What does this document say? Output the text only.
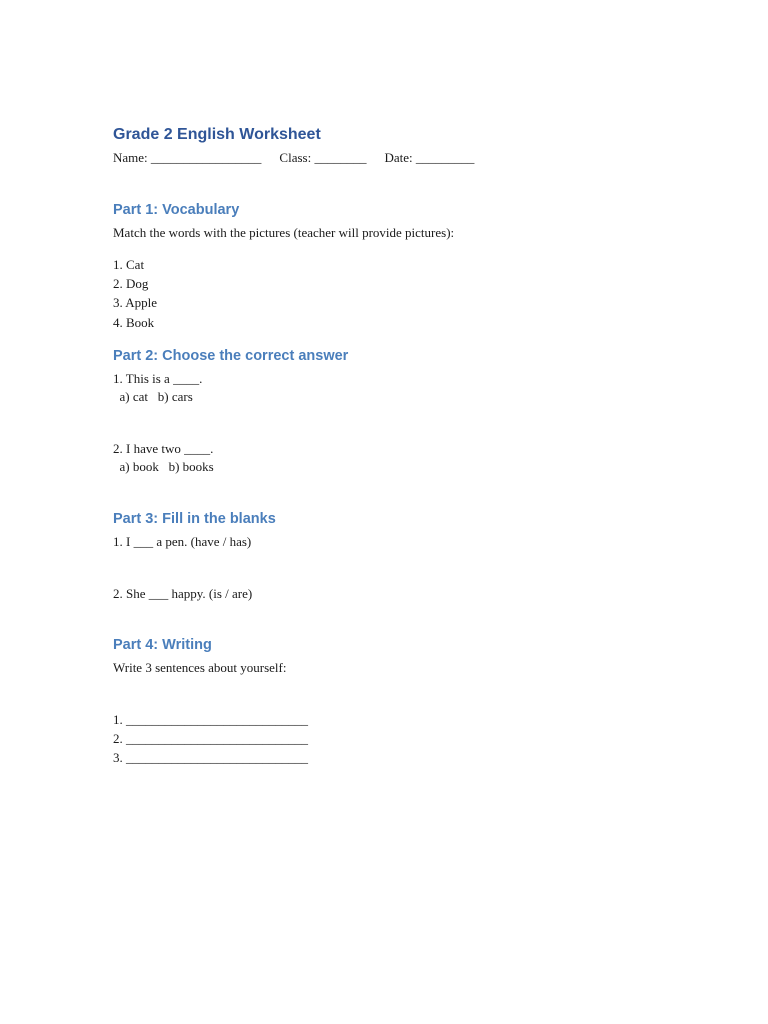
Grade 2 English Worksheet
Name: _________________ Class: ________ Date: _________
Part 1: Vocabulary
Match the words with the pictures (teacher will provide pictures):
1. Cat
2. Dog
3. Apple
4. Book
Part 2: Choose the correct answer
1. This is a ____.
a) cat   b) cars
2. I have two ____.
a) book   b) books
Part 3: Fill in the blanks
1. I ___ a pen. (have / has)
2. She ___ happy. (is / are)
Part 4: Writing
Write 3 sentences about yourself:
1. ____________________________
2. ____________________________
3. ____________________________
